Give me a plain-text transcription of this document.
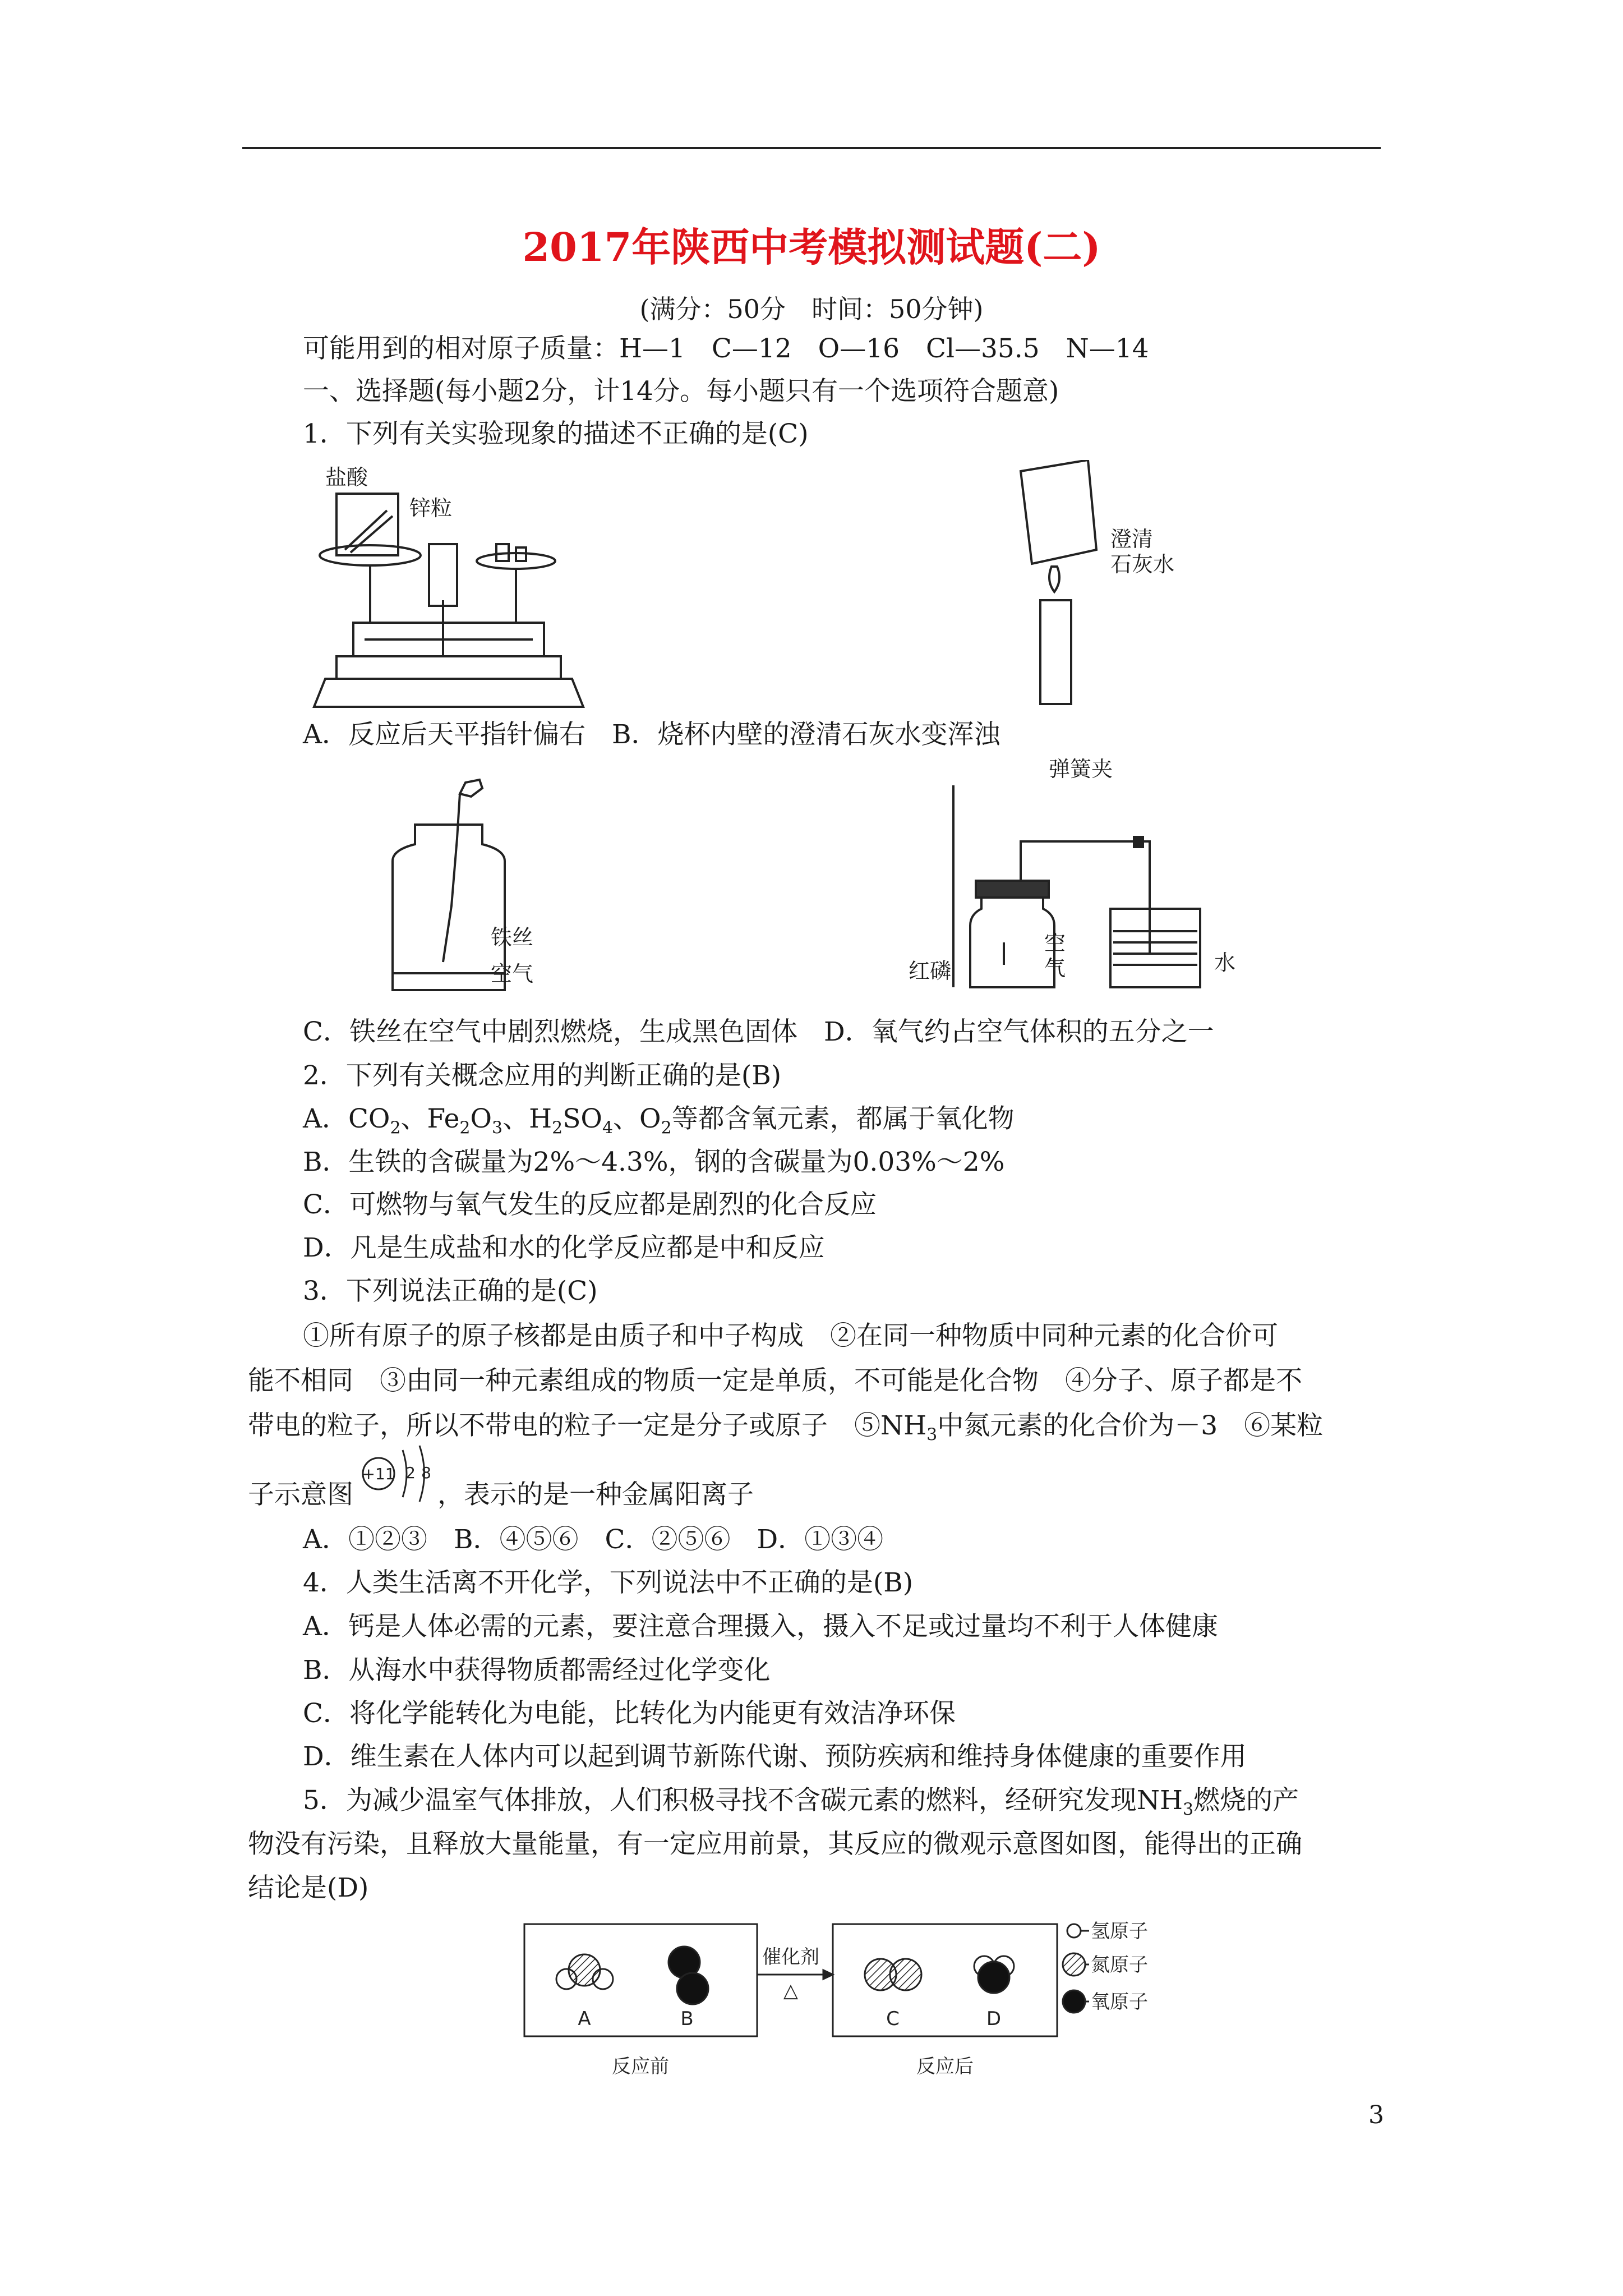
2017年陕西中考模拟测试题(二)
(满分：50分　时间：50分钟)
可能用到的相对原子质量：H—1　C—12　O—16　Cl—35.5　N—14
一、选择题(每小题2分，计14分。每小题只有一个选项符合题意)
1．下列有关实验现象的描述不正确的是(C)
盐酸
锌粒
澄清
石灰水
A．反应后天平指针偏右　B．烧杯内壁的澄清石灰水变浑浊
铁丝
空气
弹簧夹
红磷
空
气	水
C．铁丝在空气中剧烈燃烧，生成黑色固体　D．氧气约占空气体积的五分之一
2．下列有关概念应用的判断正确的是(B)
A．$CO_2$、$Fe_2O_3$、$H_2SO_4$、$O_2$等都含氧元素，都属于氧化物
B．生铁的含碳量为2%～4.3%，钢的含碳量为0.03%～2%
C．可燃物与氧气发生的反应都是剧烈的化合反应
D．凡是生成盐和水的化学反应都是中和反应
3．下列说法正确的是(C)
①所有原子的原子核都是由质子和中子构成　②在同一种物质中同种元素的化合价可
能不相同　③由同一种元素组成的物质一定是单质，不可能是化合物　④分子、原子都是不
带电的粒子，所以不带电的粒子一定是分子或原子　$⑤NH_3$中氮元素的化合价为－3　⑥某粒
子示意图	，表示的是一种金属阳离子
+11 2 8
A．①②③　B．④⑤⑥　C．②⑤⑥　D．①③④
4．人类生活离不开化学，下列说法中不正确的是(B)
A．钙是人体必需的元素，要注意合理摄入，摄入不足或过量均不利于人体健康
B．从海水中获得物质都需经过化学变化
C．将化学能转化为电能，比转化为内能更有效洁净环保
D．维生素在人体内可以起到调节新陈代谢、预防疾病和维持身体健康的重要作用
5．为减少温室气体排放，人们积极寻找不含碳元素的燃料，经研究发现$NH_3$燃烧的产
物没有污染，且释放大量能量，有一定应用前景，其反应的微观示意图如图，能得出的正确
结论是(D)
催化剂
△
A	B	C	D
反应前	反应后
氢原子
氮原子
氧原子
3
